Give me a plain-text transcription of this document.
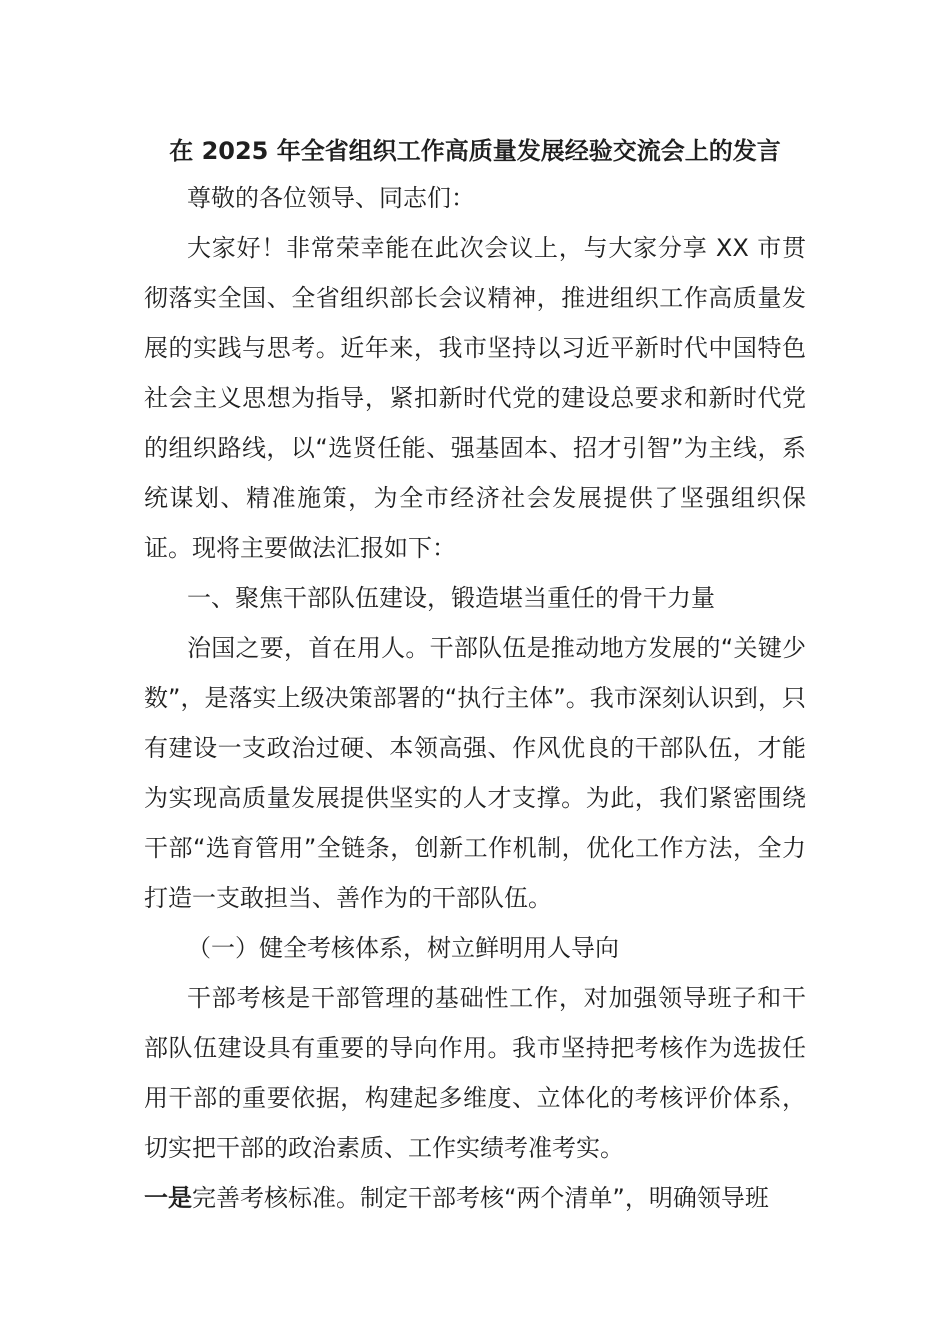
在 2025 年全省组织工作高质量发展经验交流会上的发言

尊敬的各位领导、同志们：

大家好！非常荣幸能在此次会议上，与大家分享 XX 市贯彻落实全国、全省组织部长会议精神，推进组织工作高质量发展的实践与思考。近年来，我市坚持以习近平新时代中国特色社会主义思想为指导，紧扣新时代党的建设总要求和新时代党的组织路线，以“选贤任能、强基固本、招才引智”为主线，系统谋划、精准施策，为全市经济社会发展提供了坚强组织保证。现将主要做法汇报如下：

一、聚焦干部队伍建设，锻造堪当重任的骨干力量

治国之要，首在用人。干部队伍是推动地方发展的“关键少数”，是落实上级决策部署的“执行主体”。我市深刻认识到，只有建设一支政治过硬、本领高强、作风优良的干部队伍，才能为实现高质量发展提供坚实的人才支撑。为此，我们紧密围绕干部“选育管用”全链条，创新工作机制，优化工作方法，全力打造一支敢担当、善作为的干部队伍。

（一）健全考核体系，树立鲜明用人导向

干部考核是干部管理的基础性工作，对加强领导班子和干部队伍建设具有重要的导向作用。我市坚持把考核作为选拔任用干部的重要依据，构建起多维度、立体化的考核评价体系，切实把干部的政治素质、工作实绩考准考实。
一是完善考核标准。制定干部考核“两个清单”，明确领导班
